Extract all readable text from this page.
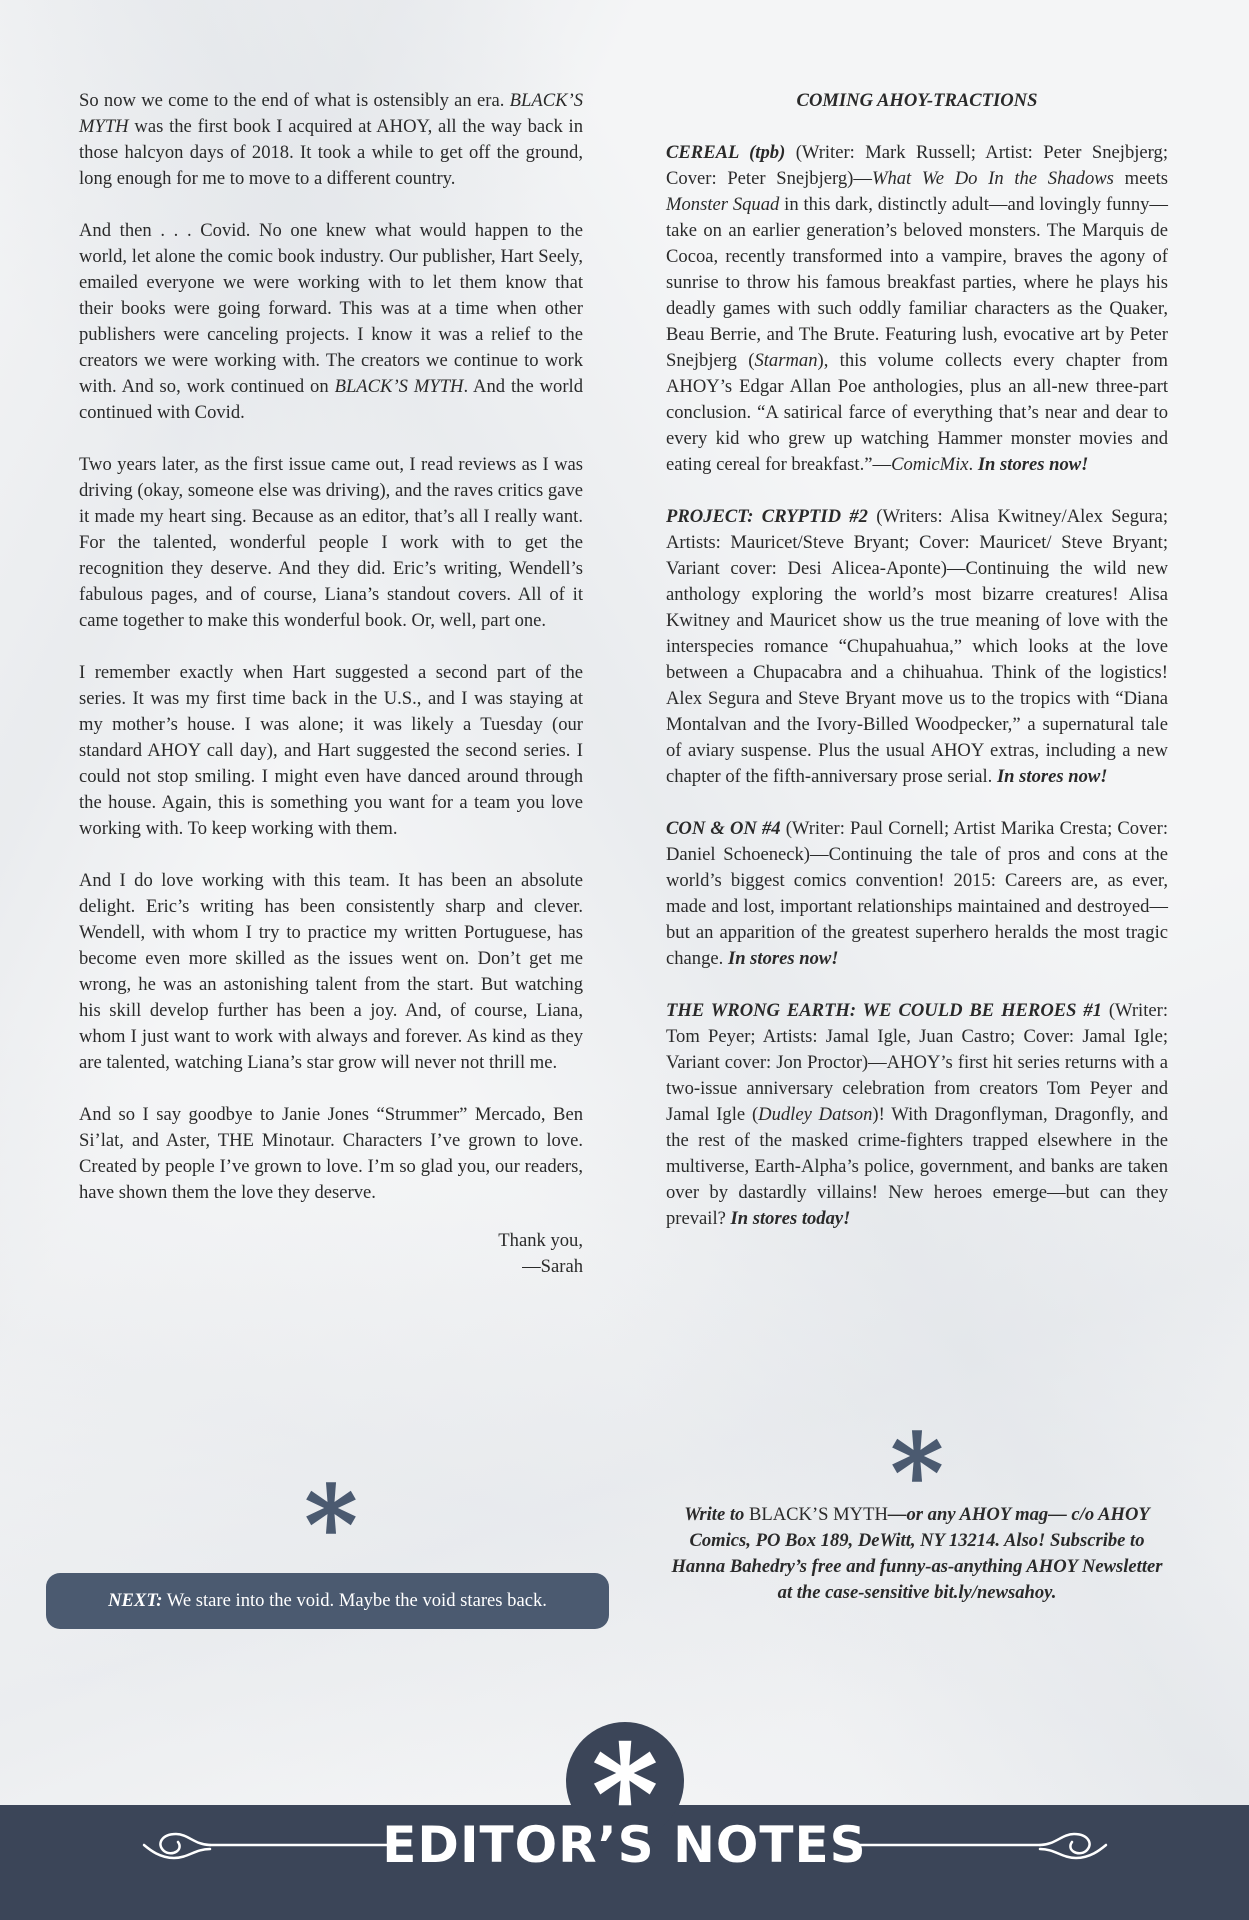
So now we come to the end of what is ostensibly an era. BLACK’S MYTH was the first book I acquired at AHOY, all the way back in those halcyon days of 2018. It took a while to get off the ground, long enough for me to move to a different country.

And then . . . Covid. No one knew what would happen to the world, let alone the comic book industry. Our publisher, Hart Seely, emailed everyone we were working with to let them know that their books were going forward. This was at a time when other publishers were canceling projects. I know it was a relief to the creators we were working with. The creators we continue to work with. And so, work continued on BLACK’S MYTH. And the world continued with Covid.

Two years later, as the first issue came out, I read reviews as I was driving (okay, someone else was driving), and the raves critics gave it made my heart sing. Because as an editor, that’s all I really want. For the talented, wonderful people I work with to get the recognition they deserve. And they did. Eric’s writing, Wendell’s fabulous pages, and of course, Liana’s standout covers. All of it came together to make this wonderful book. Or, well, part one.

I remember exactly when Hart suggested a second part of the series. It was my first time back in the U.S., and I was staying at my mother’s house. I was alone; it was likely a Tuesday (our standard AHOY call day), and Hart suggested the second series. I could not stop smiling. I might even have danced around through the house. Again, this is something you want for a team you love working with. To keep working with them.

And I do love working with this team. It has been an absolute delight. Eric’s writing has been consistently sharp and clever. Wendell, with whom I try to practice my written Portuguese, has become even more skilled as the issues went on. Don’t get me wrong, he was an astonishing talent from the start. But watching his skill develop further has been a joy. And, of course, Liana, whom I just want to work with always and forever. As kind as they are talented, watching Liana’s star grow will never not thrill me.

And so I say goodbye to Janie Jones “Strummer” Mercado, Ben Si’lat, and Aster, THE Minotaur. Characters I’ve grown to love. Created by people I’ve grown to love. I’m so glad you, our readers, have shown them the love they deserve.

Thank you,
—Sarah
NEXT: We stare into the void. Maybe the void stares back.

COMING AHOY-TRACTIONS

CEREAL (tpb) (Writer: Mark Russell; Artist: Peter Snejbjerg; Cover: Peter Snejbjerg)—What We Do In the Shadows meets Monster Squad in this dark, distinctly adult—and lovingly funny—take on an earlier generation’s beloved monsters. The Marquis de Cocoa, recently transformed into a vampire, braves the agony of sunrise to throw his famous breakfast parties, where he plays his deadly games with such oddly familiar characters as the Quaker, Beau Berrie, and The Brute. Featuring lush, evocative art by Peter Snejbjerg (Starman), this volume collects every chapter from AHOY’s Edgar Allan Poe anthologies, plus an all-new three-part conclusion. “A satirical farce of everything that’s near and dear to every kid who grew up watching Hammer monster movies and eating cereal for breakfast.”—ComicMix. In stores now!

PROJECT: CRYPTID #2 (Writers: Alisa Kwitney/Alex Segura; Artists: Mauricet/Steve Bryant; Cover: Mauricet/ Steve Bryant; Variant cover: Desi Alicea-Aponte)—Continuing the wild new anthology exploring the world’s most bizarre creatures! Alisa Kwitney and Mauricet show us the true meaning of love with the interspecies romance “Chupahuahua,” which looks at the love between a Chupacabra and a chihuahua. Think of the logistics! Alex Segura and Steve Bryant move us to the tropics with “Diana Montalvan and the Ivory-Billed Woodpecker,” a supernatural tale of aviary suspense. Plus the usual AHOY extras, including a new chapter of the fifth-anniversary prose serial. In stores now!

CON & ON #4 (Writer: Paul Cornell; Artist Marika Cresta; Cover: Daniel Schoeneck)—Continuing the tale of pros and cons at the world’s biggest comics convention! 2015: Careers are, as ever, made and lost, important relationships maintained and destroyed—but an apparition of the greatest superhero heralds the most tragic change. In stores now!

THE WRONG EARTH: WE COULD BE HEROES #1 (Writer: Tom Peyer; Artists: Jamal Igle, Juan Castro; Cover: Jamal Igle; Variant cover: Jon Proctor)—AHOY’s first hit series returns with a two-issue anniversary celebration from creators Tom Peyer and Jamal Igle (Dudley Datson)! With Dragonflyman, Dragonfly, and the rest of the masked crime-fighters trapped elsewhere in the multiverse, Earth-Alpha’s police, government, and banks are taken over by dastardly villains! New heroes emerge—but can they prevail? In stores today!

Write to BLACK’S MYTH—or any AHOY mag— c/o AHOY Comics, PO Box 189, DeWitt, NY 13214. Also! Subscribe to Hanna Bahedry’s free and funny-as-anything AHOY Newsletter at the case-sensitive bit.ly/newsahoy.
EDITOR’S NOTES
